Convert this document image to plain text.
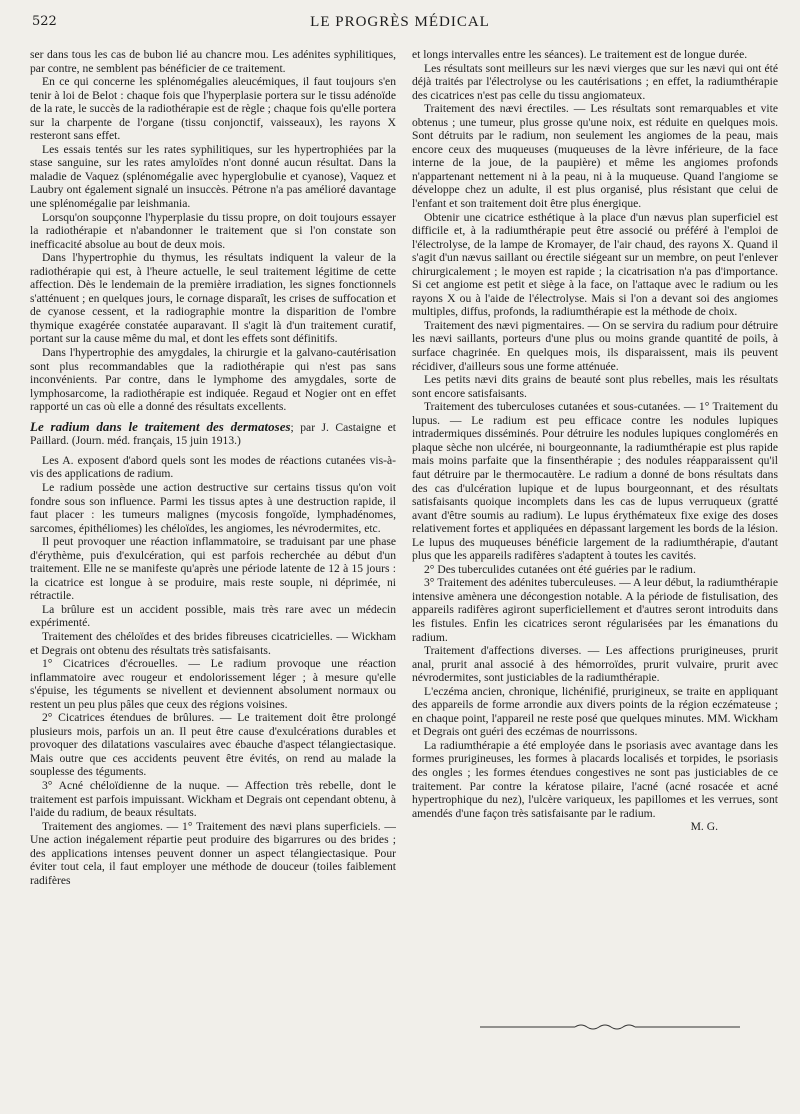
522	LE PROGRÈS MÉDICAL

ser dans tous les cas de bubon lié au chancre mou. Les adénites syphilitiques, par contre, ne semblent pas bénéficier de ce traitement.

En ce qui concerne les splénomégalies aleucémiques, il faut toujours s'en tenir à loi de Belot : chaque fois que l'hyperplasie portera sur le tissu adénoïde de la rate, le succès de la radiothérapie est de règle ; chaque fois qu'elle portera sur la charpente de l'organe (tissu conjonctif, vaisseaux), les rayons X resteront sans effet.

Les essais tentés sur les rates syphilitiques, sur les hypertrophiées par la stase sanguine, sur les rates amyloïdes n'ont donné aucun résultat. Dans la maladie de Vaquez (splénomégalie avec hyperglobulie et cyanose), Vaquez et Laubry ont également signalé un insuccès. Pétrone n'a pas amélioré davantage une splénomégalie par leishmania.

Lorsqu'on soupçonne l'hyperplasie du tissu propre, on doit toujours essayer la radiothérapie et n'abandonner le traitement que si l'on constate son inefficacité absolue au bout de deux mois.

Dans l'hypertrophie du thymus, les résultats indiquent la valeur de la radiothérapie qui est, à l'heure actuelle, le seul traitement légitime de cette affection. Dès le lendemain de la première irradiation, les signes fonctionnels s'atténuent ; en quelques jours, le cornage disparaît, les crises de suffocation et de cyanose cessent, et la radiographie montre la disparition de l'ombre thymique exagérée constatée auparavant. Il s'agit là d'un traitement curatif, portant sur la cause même du mal, et dont les effets sont définitifs.

Dans l'hypertrophie des amygdales, la chirurgie et la galvano-cautérisation sont plus recommandables que la radiothérapie qui n'est pas sans inconvénients. Par contre, dans le lymphome des amygdales, sorte de lymphosarcome, la radiothérapie est indiquée. Regaud et Nogier ont en effet rapporté un cas où elle a donné des résultats excellents.

Le radium dans le traitement des dermatoses; par J. Castaigne et Paillard. (Journ. méd. français, 15 juin 1913.)

Les A. exposent d'abord quels sont les modes de réactions cutanées vis-à-vis des applications de radium.

Le radium possède une action destructive sur certains tissus qu'on voit fondre sous son influence. Parmi les tissus aptes à une destruction rapide, il faut placer : les tumeurs malignes (mycosis fongoïde, lymphadénomes, sarcomes, épithéliomes) les chéloïdes, les angiomes, les névrodermites, etc.

Il peut provoquer une réaction inflammatoire, se traduisant par une phase d'érythème, puis d'exulcération, qui est parfois recherchée au début d'un traitement. Elle ne se manifeste qu'après une période latente de 12 à 15 jours : la cicatrice est longue à se produire, mais reste souple, ni déprimée, ni rétractile.

La brûlure est un accident possible, mais très rare avec un médecin expérimenté.

Traitement des chéloïdes et des brides fibreuses cicatricielles. — Wickham et Degrais ont obtenu des résultats très satisfaisants.

1° Cicatrices d'écrouelles. — Le radium provoque une réaction inflammatoire avec rougeur et endolorissement léger ; à mesure qu'elle s'épuise, les téguments se nivellent et deviennent absolument normaux ou restent un peu plus pâles que ceux des régions voisines.

2° Cicatrices étendues de brûlures. — Le traitement doit être prolongé plusieurs mois, parfois un an. Il peut être cause d'exulcérations durables et provoquer des dilatations vasculaires avec ébauche d'aspect télangiectasique. Mais outre que ces accidents peuvent être évités, on rend au malade la souplesse des téguments.

3° Acné chéloïdienne de la nuque. — Affection très rebelle, dont le traitement est parfois impuissant. Wickham et Degrais ont cependant obtenu, à l'aide du radium, de beaux résultats.

Traitement des angiomes. — 1° Traitement des nævi plans superficiels. — Une action inégalement répartie peut produire des bigarrures ou des brides ; des applications intenses peuvent donner un aspect télangiectasique. Pour éviter tout cela, il faut employer une méthode de douceur (toiles faiblement radifères

et longs intervalles entre les séances). Le traitement est de longue durée.

Les résultats sont meilleurs sur les nævi vierges que sur les nævi qui ont été déjà traités par l'électrolyse ou les cautérisations ; en effet, la radiumthérapie des cicatrices n'est pas celle du tissu angiomateux.

Traitement des nævi érectiles. — Les résultats sont remarquables et vite obtenus ; une tumeur, plus grosse qu'une noix, est réduite en quelques mois. Sont détruits par le radium, non seulement les angiomes de la peau, mais encore ceux des muqueuses (muqueuses de la lèvre inférieure, de la face interne de la joue, de la paupière) et même les angiomes profonds n'appartenant nettement ni à la peau, ni à la muqueuse. Quand l'angiome se développe chez un adulte, il est plus organisé, plus résistant que celui de l'enfant et son traitement doit être plus énergique.

Obtenir une cicatrice esthétique à la place d'un nævus plan superficiel est difficile et, à la radiumthérapie peut être associé ou préféré à l'emploi de l'électrolyse, de la lampe de Kromayer, de l'air chaud, des rayons X. Quand il s'agit d'un nævus saillant ou érectile siégeant sur un membre, on peut l'enlever chirurgicalement ; le moyen est rapide ; la cicatrisation n'a pas d'importance. Si cet angiome est petit et siège à la face, on l'attaque avec le radium ou les rayons X ou à l'aide de l'électrolyse. Mais si l'on a devant soi des angiomes multiples, diffus, profonds, la radiumthérapie est la méthode de choix.

Traitement des nævi pigmentaires. — On se servira du radium pour détruire les nævi saillants, porteurs d'une plus ou moins grande quantité de poils, à surface chagrinée. En quelques mois, ils disparaissent, mais ils peuvent récidiver, d'ailleurs sous une forme atténuée.

Les petits nævi dits grains de beauté sont plus rebelles, mais les résultats sont encore satisfaisants.

Traitement des tuberculoses cutanées et sous-cutanées. — 1° Traitement du lupus. — Le radium est peu efficace contre les nodules lupiques intradermiques disséminés. Pour détruire les nodules lupiques conglomérés en plaque sèche non ulcérée, ni bourgeonnante, la radiumthérapie est plus rapide mais moins parfaite que la finsenthérapie ; des nodules réapparaissent qu'il faut détruire par le thermocautère. Le radium a donné de bons résultats dans des cas d'ulcération lupique et de lupus bourgeonnant, et des résultats satisfaisants quoique incomplets dans les cas de lupus verruqueux (gratté avant d'être soumis au radium). Le lupus érythémateux fixe exige des doses relativement fortes et appliquées en dépassant largement les bords de la lésion. Le lupus des muqueuses bénéficie largement de la radiumthérapie, d'autant plus que les appareils radifères s'adaptent à toutes les cavités.

2° Des tuberculides cutanées ont été guéries par le radium.

3° Traitement des adénites tuberculeuses. — A leur début, la radiumthérapie intensive amènera une décongestion notable. A la période de fistulisation, des appareils radifères agiront superficiellement et d'autres seront introduits dans les fistules. Enfin les cicatrices seront régularisées par les émanations du radium.

Traitement d'affections diverses. — Les affections prurigineuses, prurit anal, prurit anal associé à des hémorroïdes, prurit vulvaire, prurit avec névrodermites, sont justiciables de la radiumthérapie.

L'eczéma ancien, chronique, lichénifié, prurigineux, se traite en appliquant des appareils de forme arrondie aux divers points de la région eczémateuse ; en chaque point, l'appareil ne reste posé que quelques minutes. MM. Wickham et Degrais ont guéri des eczémas de nourrissons.

La radiumthérapie a été employée dans le psoriasis avec avantage dans les formes prurigineuses, les formes à placards localisés et torpides, le psoriasis des ongles ; les formes étendues congestives ne sont pas justiciables de ce traitement. Par contre la kératose pilaire, l'acné (acné rosacée et acné hypertrophique du nez), l'ulcère variqueux, les papillomes et les verrues, sont amendés d'une façon très satisfaisante par le radium.

M. G.
